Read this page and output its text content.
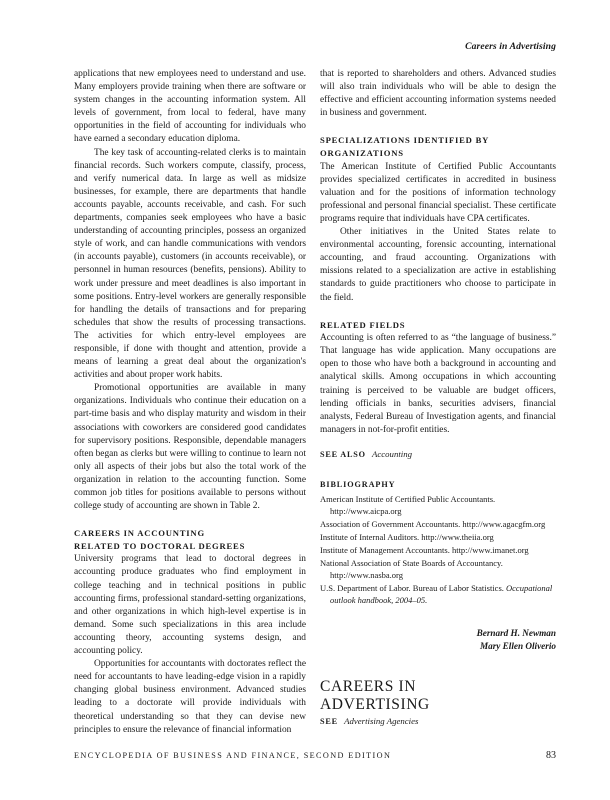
Careers in Advertising

applications that new employees need to understand and use. Many employers provide training when there are software or system changes in the accounting information system. All levels of government, from local to federal, have many opportunities in the field of accounting for individuals who have earned a secondary education diploma.

The key task of accounting-related clerks is to maintain financial records. Such workers compute, classify, process, and verify numerical data. In large as well as midsize businesses, for example, there are departments that handle accounts payable, accounts receivable, and cash. For such departments, companies seek employees who have a basic understanding of accounting principles, possess an organized style of work, and can handle communications with vendors (in accounts payable), customers (in accounts receivable), or personnel in human resources (benefits, pensions). Ability to work under pressure and meet deadlines is also important in some positions. Entry-level workers are generally responsible for handling the details of transactions and for preparing schedules that show the results of processing transactions. The activities for which entry-level employees are responsible, if done with thought and attention, provide a means of learning a great deal about the organization's activities and about proper work habits.

Promotional opportunities are available in many organizations. Individuals who continue their education on a part-time basis and who display maturity and wisdom in their associations with coworkers are considered good candidates for supervisory positions. Responsible, dependable managers often began as clerks but were willing to continue to learn not only all aspects of their jobs but also the total work of the organization in relation to the accounting function. Some common job titles for positions available to persons without college study of accounting are shown in Table 2.

CAREERS IN ACCOUNTING
RELATED TO DOCTORAL DEGREES

University programs that lead to doctoral degrees in accounting produce graduates who find employment in college teaching and in technical positions in public accounting firms, professional standard-setting organizations, and other organizations in which high-level expertise is in demand. Some such specializations in this area include accounting theory, accounting systems design, and accounting policy.

Opportunities for accountants with doctorates reflect the need for accountants to have leading-edge vision in a rapidly changing global business environment. Advanced studies leading to a doctorate will provide individuals with theoretical understanding so that they can devise new principles to ensure the relevance of financial information

that is reported to shareholders and others. Advanced studies will also train individuals who will be able to design the effective and efficient accounting information systems needed in business and government.

SPECIALIZATIONS IDENTIFIED BY
ORGANIZATIONS

The American Institute of Certified Public Accountants provides specialized certificates in accredited in business valuation and for the positions of information technology professional and personal financial specialist. These certificate programs require that individuals have CPA certificates.

Other initiatives in the United States relate to environmental accounting, forensic accounting, international accounting, and fraud accounting. Organizations with missions related to a specialization are active in establishing standards to guide practitioners who choose to participate in the field.

RELATED FIELDS

Accounting is often referred to as “the language of business.” That language has wide application. Many occupations are open to those who have both a background in accounting and analytical skills. Among occupations in which accounting training is perceived to be valuable are budget officers, lending officials in banks, securities advisers, financial analysts, Federal Bureau of Investigation agents, and financial managers in not-for-profit entities.

SEE ALSO Accounting
BIBLIOGRAPHY
American Institute of Certified Public Accountants. http://www.aicpa.org
Association of Government Accountants. http://www.agacgfm.org
Institute of Internal Auditors. http://www.theiia.org
Institute of Management Accountants. http://www.imanet.org
National Association of State Boards of Accountancy. http://www.nasba.org
U.S. Department of Labor. Bureau of Labor Statistics. Occupational outlook handbook, 2004–05.
Bernard H. Newman
Mary Ellen Oliverio
CAREERS IN
ADVERTISING
SEE Advertising Agencies
ENCYCLOPEDIA OF BUSINESS AND FINANCE, SECOND EDITION	83
